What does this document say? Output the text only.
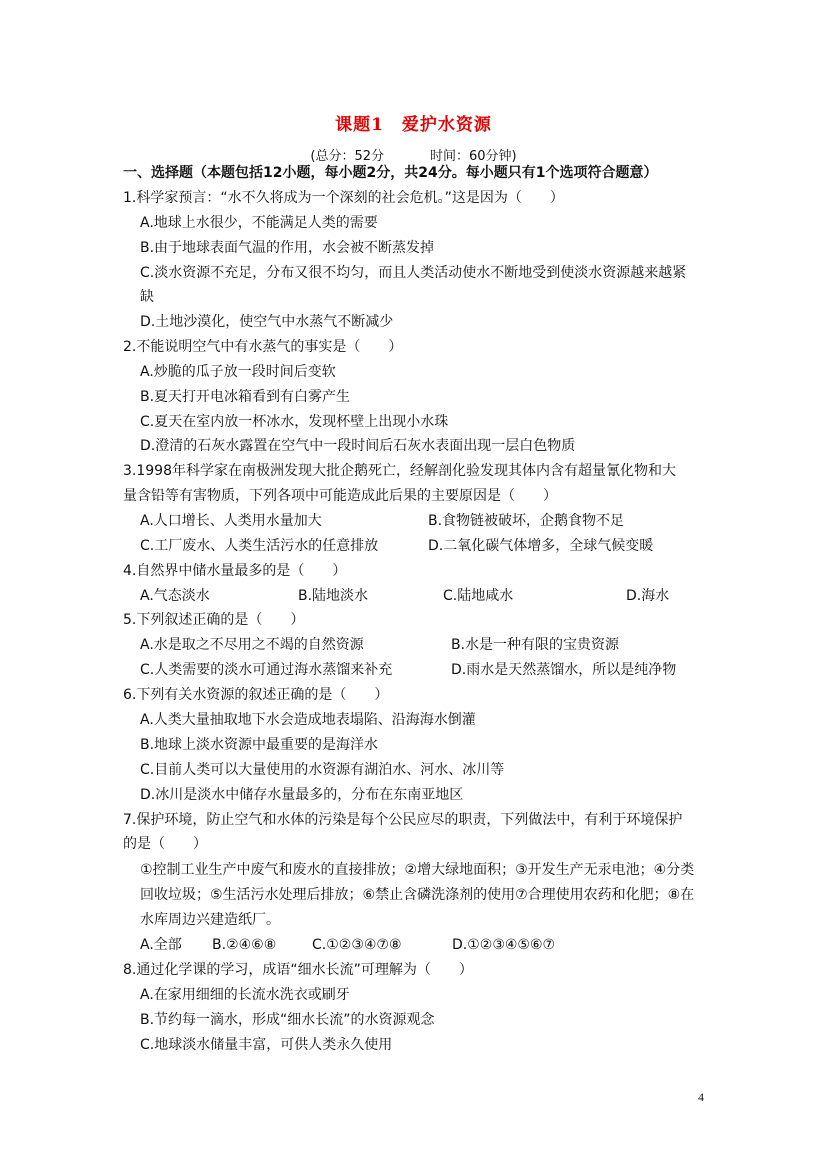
课题1　爱护水资源
(总分：52分	时间：60分钟)
一、选择题（本题包括12小题，每小题2分，共24分。每小题只有1个选项符合题意）
1.科学家预言：“水不久将成为一个深刻的社会危机。”这是因为（　　）
A.地球上水很少，不能满足人类的需要
B.由于地球表面气温的作用，水会被不断蒸发掉
C.淡水资源不充足，分布又很不均匀，而且人类活动使水不断地受到使淡水资源越来越紧
缺
D.土地沙漠化，使空气中水蒸气不断减少
2.不能说明空气中有水蒸气的事实是（　　）
A.炒脆的瓜子放一段时间后变软
B.夏天打开电冰箱看到有白雾产生
C.夏天在室内放一杯冰水，发现杯壁上出现小水珠
D.澄清的石灰水露置在空气中一段时间后石灰水表面出现一层白色物质
3.1998年科学家在南极洲发现大批企鹅死亡，经解剖化验发现其体内含有超量氰化物和大
量含铅等有害物质，下列各项中可能造成此后果的主要原因是（　　）
A.人口增长、人类用水量加大	B.食物链被破坏，企鹅食物不足
C.工厂废水、人类生活污水的任意排放	D.二氧化碳气体增多，全球气候变暖
4.自然界中储水量最多的是（　　）
A.气态淡水	B.陆地淡水	C.陆地咸水	D.海水
5.下列叙述正确的是（　　）
A.水是取之不尽用之不竭的自然资源	B.水是一种有限的宝贵资源
C.人类需要的淡水可通过海水蒸馏来补充	D.雨水是天然蒸馏水，所以是纯净物
6.下列有关水资源的叙述正确的是（　　）
A.人类大量抽取地下水会造成地表塌陷、沿海海水倒灌
B.地球上淡水资源中最重要的是海洋水
C.目前人类可以大量使用的水资源有湖泊水、河水、冰川等
D.冰川是淡水中储存水量最多的，分布在东南亚地区
7.保护环境，防止空气和水体的污染是每个公民应尽的职责，下列做法中，有利于环境保护
的是（　　）
①控制工业生产中废气和废水的直接排放；②增大绿地面积；③开发生产无汞电池；④分类
回收垃圾；⑤生活污水处理后排放；⑥禁止含磷洗涤剂的使用⑦合理使用农药和化肥；⑧在
水库周边兴建造纸厂。
A.全部 B.②④⑥⑧	C.①②③④⑦⑧	D.①②③④⑤⑥⑦
8.通过化学课的学习，成语“细水长流”可理解为（　　）
A.在家用细细的长流水洗衣或刷牙
B.节约每一滴水，形成“细水长流”的水资源观念
C.地球淡水储量丰富，可供人类永久使用
4
